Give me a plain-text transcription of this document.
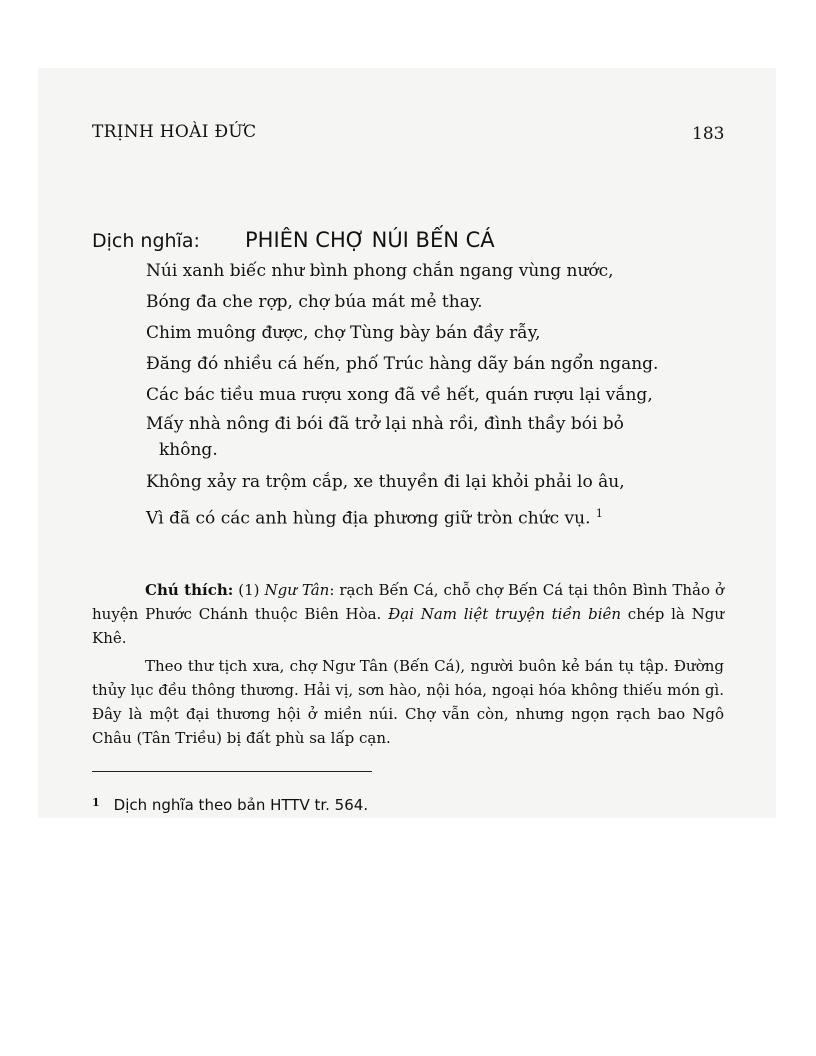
TRỊNH HOÀI ĐỨC	183
Dịch nghĩa: PHIÊN CHỢ NÚI BẾN CÁ
Núi xanh biếc như bình phong chắn ngang vùng nước,
Bóng đa che rợp, chợ búa mát mẻ thay.
Chim muông được, chợ Tùng bày bán đầy rẫy,
Đăng đó nhiều cá hến, phố Trúc hàng dãy bán ngổn ngang.
Các bác tiều mua rượu xong đã về hết, quán rượu lại vắng,
Mấy nhà nông đi bói đã trở lại nhà rồi, đình thầy bói bỏ
không.
Không xảy ra trộm cắp, xe thuyền đi lại khỏi phải lo âu,
Vì đã có các anh hùng địa phương giữ tròn chức vụ. $^1$

Chú thích: (1) Ngư Tân: rạch Bến Cá, chỗ chợ Bến Cá tại thôn Bình Thảo ở huyện Phước Chánh thuộc Biên Hòa. Đại Nam liệt truyện tiền biên chép là Ngư Khê.

Theo thư tịch xưa, chợ Ngư Tân (Bến Cá), người buôn kẻ bán tụ tập. Đường thủy lục đều thông thương. Hải vị, sơn hào, nội hóa, ngoại hóa không thiếu món gì. Đây là một đại thương hội ở miền núi. Chợ vẫn còn, nhưng ngọn rạch bao Ngô Châu (Tân Triều) bị đất phù sa lấp cạn.

$^1$ Dịch nghĩa theo bản HTTV tr. 564.
